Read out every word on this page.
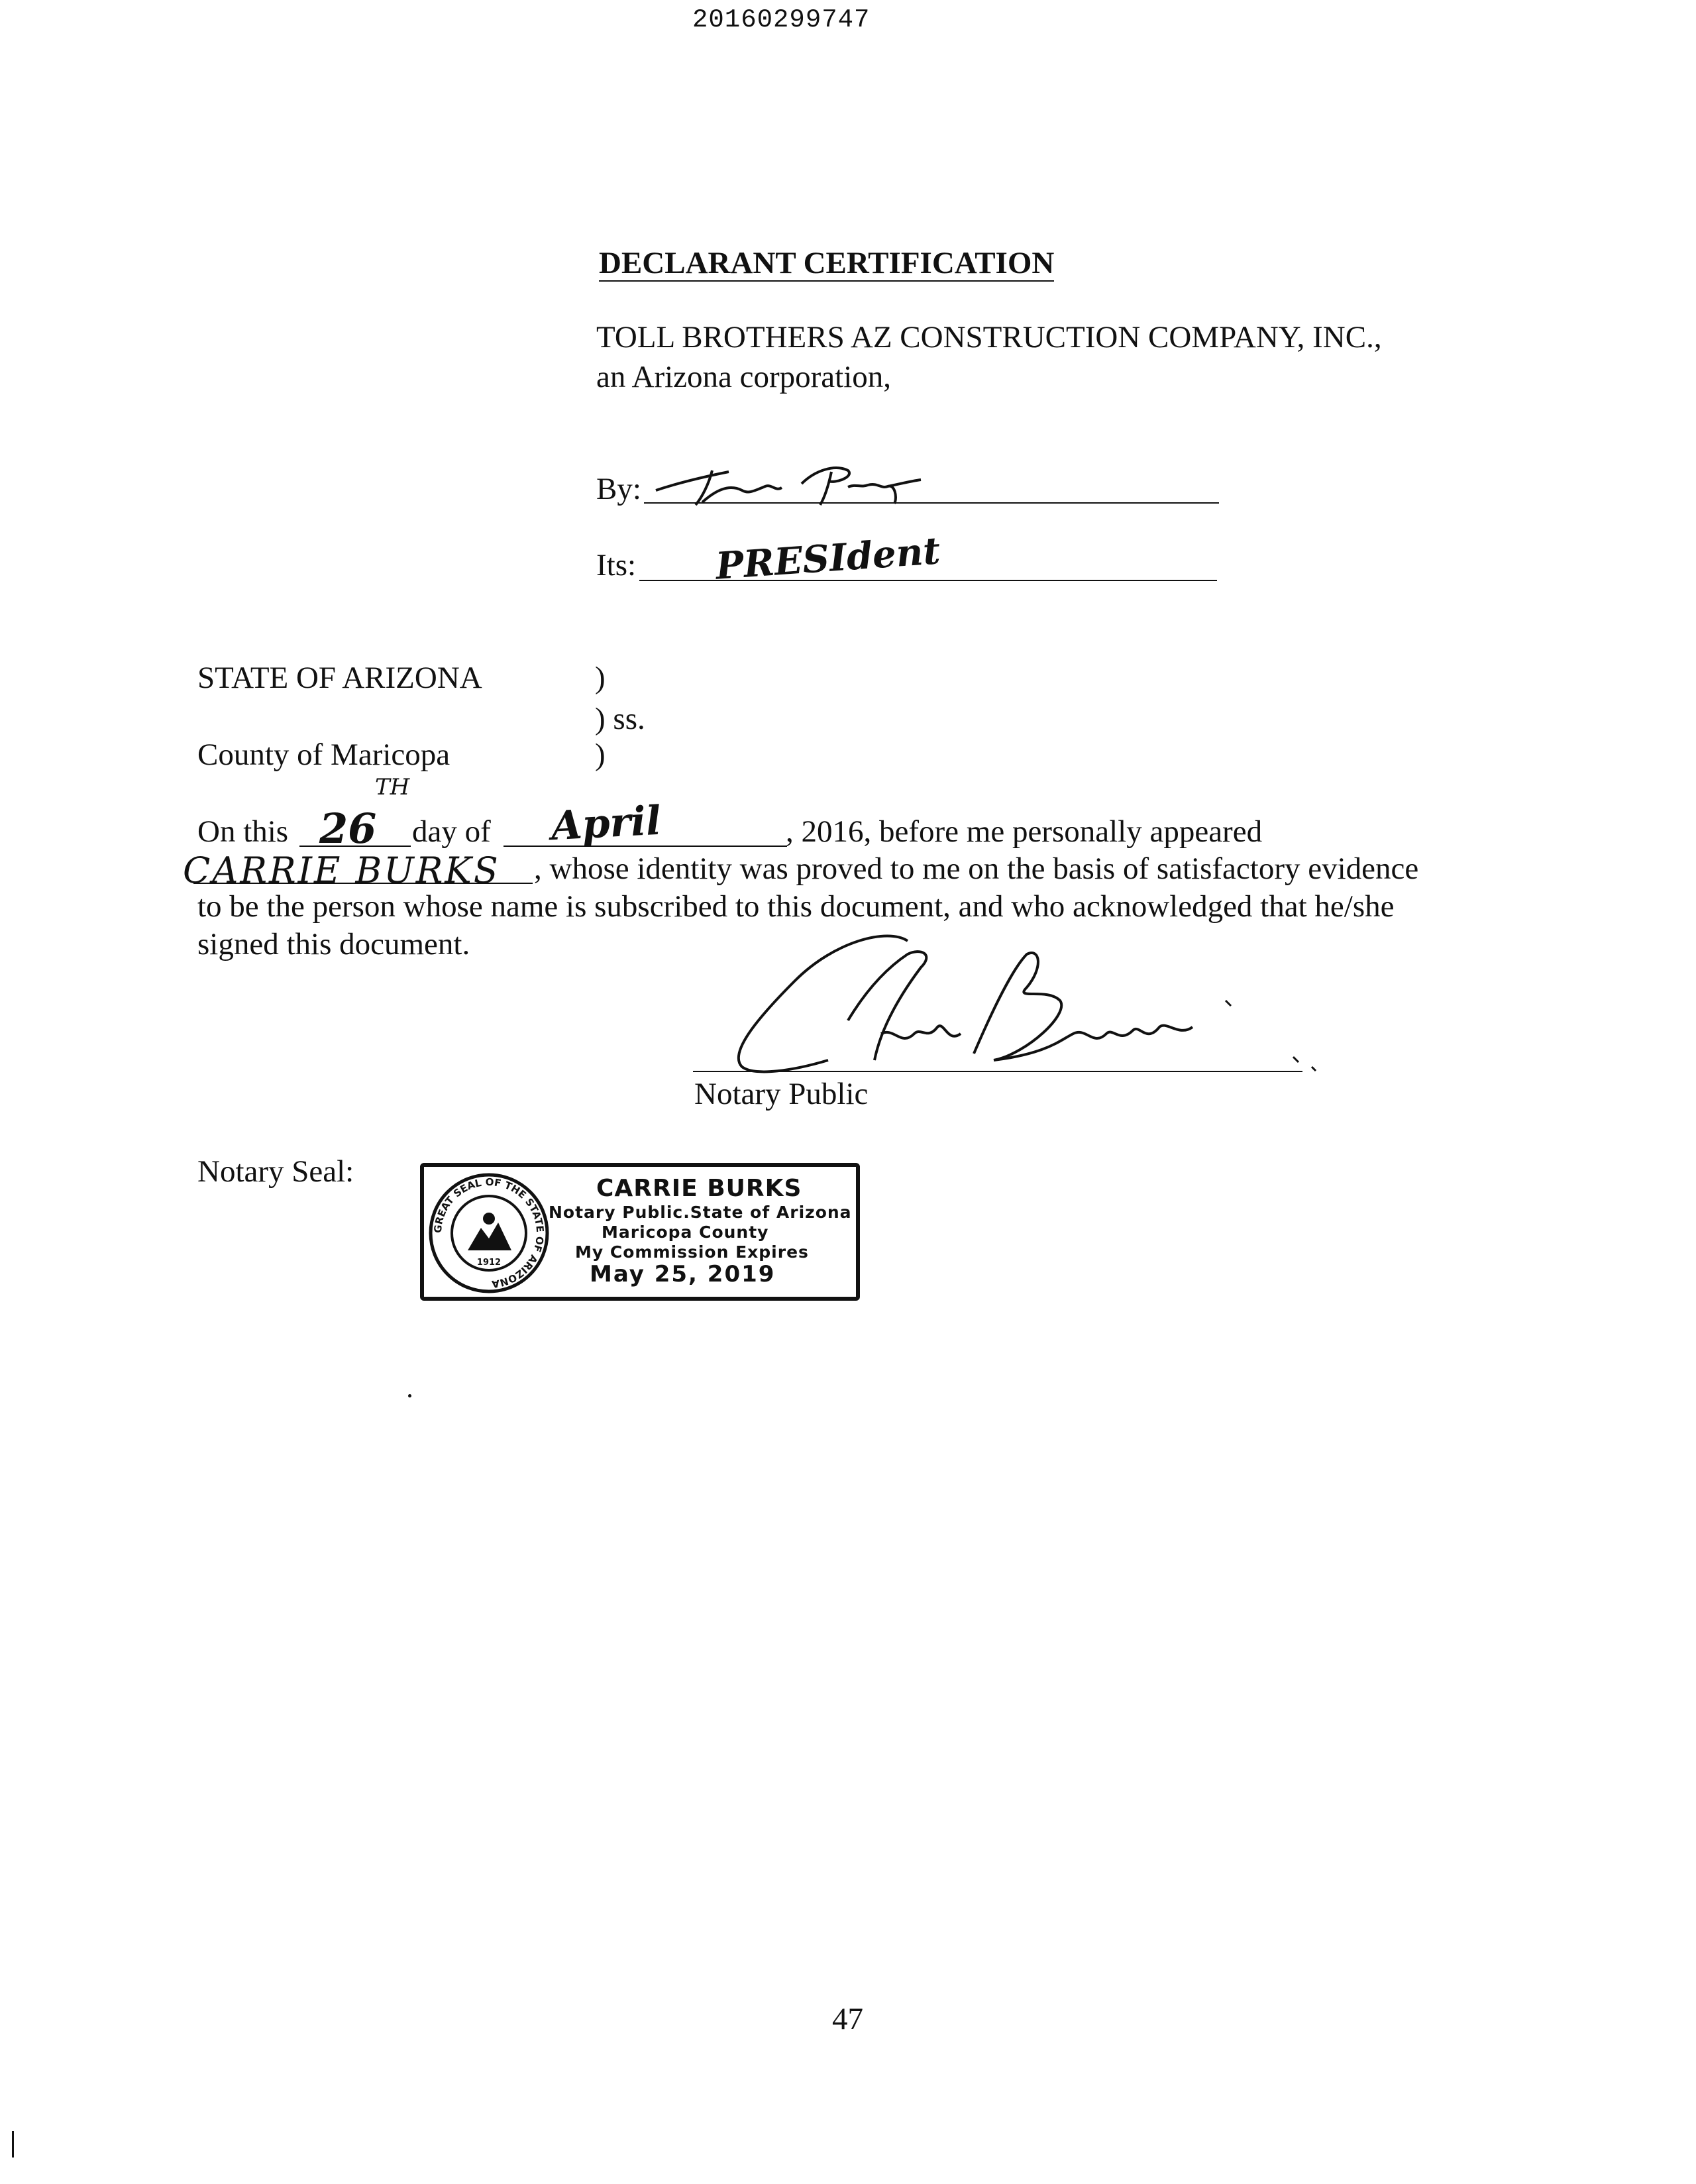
20160299747
DECLARANT CERTIFICATION
TOLL BROTHERS AZ CONSTRUCTION COMPANY, INC.,
an Arizona corporation,
By:
Its: PRESIdent
STATE OF ARIZONA	)
) ss.
County of Maricopa	)
On this 26
TH
day of April	, 2016, before me personally appeared
CARRIE BURKS , whose identity was proved to me on the basis of satisfactory evidence
to be the person whose name is subscribed to this document, and who acknowledged that he/she
signed this document.
Notary Public
Notary Seal:
GREAT SEAL OF THE STATE OF ARIZONA
1912
CARRIE BURKS
Notary Public.State of Arizona
Maricopa County
My Commission Expires
May 25, 2019
47
